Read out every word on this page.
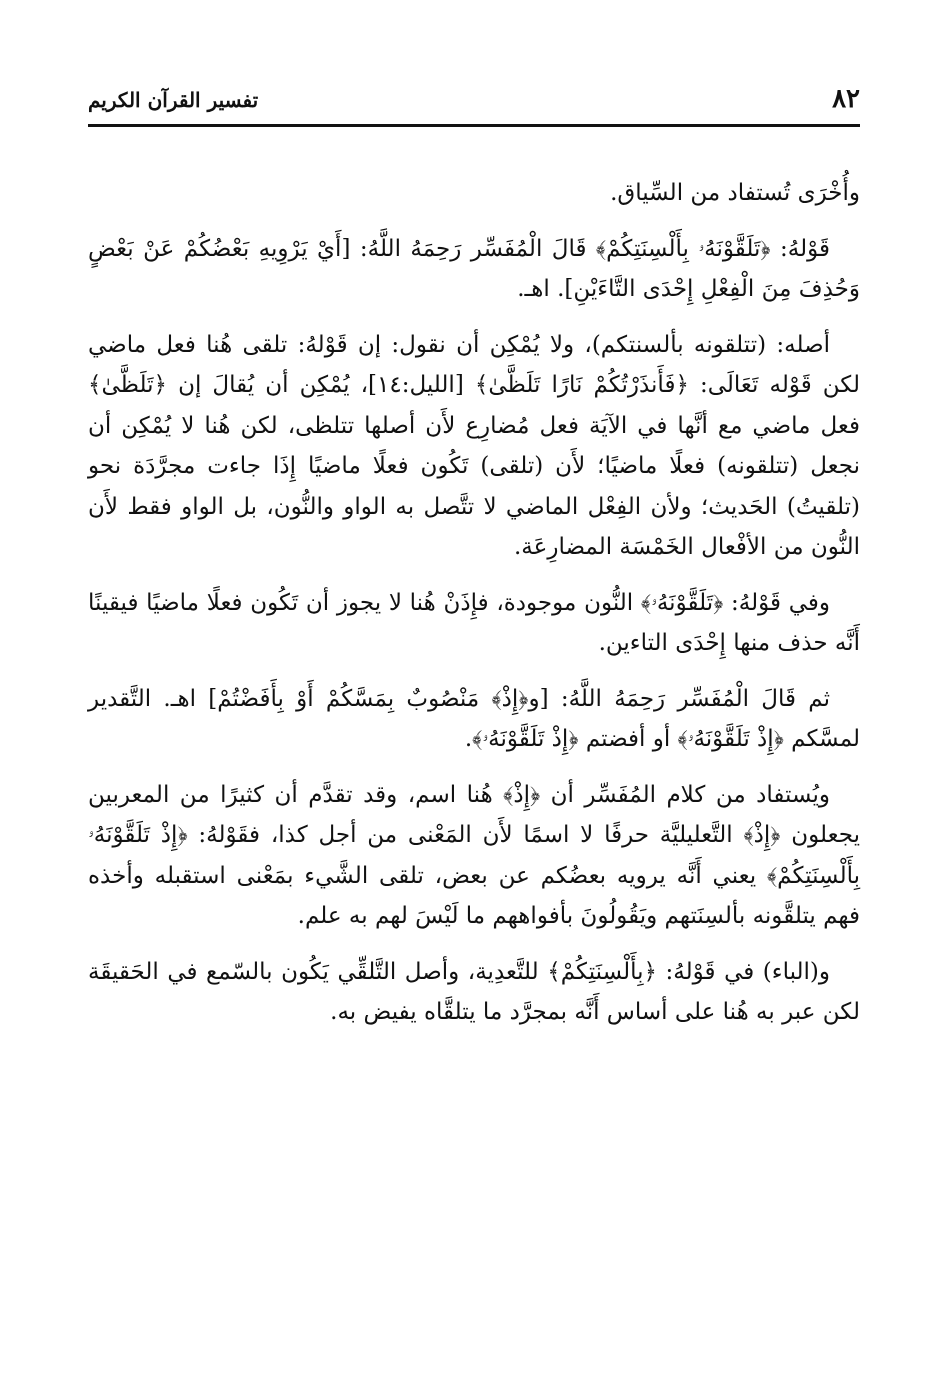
٨٢
تفسير القرآن الكريم

وأُخْرَى تُستفاد من السِّياق.

قَوْلهُ: ﴿تَلَقَّوْنَهُۥ بِأَلْسِنَتِكُمْ﴾ قَالَ الْمُفَسِّر رَحِمَهُ اللَّهُ: [أَيْ يَرْوِيهِ بَعْضُكُمْ عَنْ بَعْضٍ وَحُذِفَ مِنَ الْفِعْلِ إِحْدَى التَّاءَيْنِ]. اهـ.

أصله: (تتلقونه بألسنتكم)، ولا يُمْكِن أن نقول: إن قَوْلهُ: تلقى هُنا فعل ماضي لكن قَوْله تَعَالَى: ﴿فَأَنذَرْتُكُمْ نَارًا تَلَظَّىٰ﴾ [الليل:١٤]، يُمْكِن أن يُقالَ إن ﴿تَلَظَّىٰ﴾ فعل ماضي مع أنَّها في الآيَة فعل مُضارِع لأَن أصلها تتلظى، لكن هُنا لا يُمْكِن أن نجعل (تتلقونه) فعلًا ماضيًا؛ لأَن (تلقى) تَكُون فعلًا ماضيًا إِذَا جاءت مجرَّدَة نحو (تلقيتُ) الحَديث؛ ولأن الفِعْل الماضي لا تتَّصل به الواو والنُّون، بل الواو فقط لأَن النُّون من الأفْعال الخَمْسَة المضارِعَة.

وفي قَوْلهُ: ﴿تَلَقَّوْنَهُۥ﴾ النُّون موجودة، فإِذَنْ هُنا لا يجوز أن تَكُون فعلًا ماضيًا فيقينًا أَنَّه حذف منها إِحْدَى التاءين.

ثم قَالَ الْمُفَسِّر رَحِمَهُ اللَّهُ: [و﴿إِذْ﴾ مَنْصُوبٌ بِمَسَّكُمْ أَوْ بِأَفَضْتُمْ] اهـ. التَّقدير لمسَّكم ﴿إِذْ تَلَقَّوْنَهُۥ﴾ أو أفضتم ﴿إِذْ تَلَقَّوْنَهُۥ﴾.

ويُستفاد من كلام المُفَسِّر أن ﴿إِذْ﴾ هُنا اسم، وقد تقدَّم أن كثيرًا من المعربين يجعلون ﴿إِذْ﴾ التَّعليليَّة حرفًا لا اسمًا لأَن المَعْنى من أجل كذا، فقَوْلهُ: ﴿إِذْ تَلَقَّوْنَهُۥ بِأَلْسِنَتِكُمْ﴾ يعني أَنَّه يرويه بعضُكم عن بعض، تلقى الشَّيء بمَعْنى استقبله وأخذه فهم يتلقَّونه بألسِنَتهم ويَقُولُونَ بأفواههم ما لَيْسَ لهم به علم.

و(الباء) في قَوْلهُ: ﴿بِأَلْسِنَتِكُمْ﴾ للتَّعدِية، وأصل التَّلقِّي يَكُون بالسّمع في الحَقيقَة لكن عبر به هُنا على أساس أَنَّه بمجرَّد ما يتلقَّاه يفيض به.
